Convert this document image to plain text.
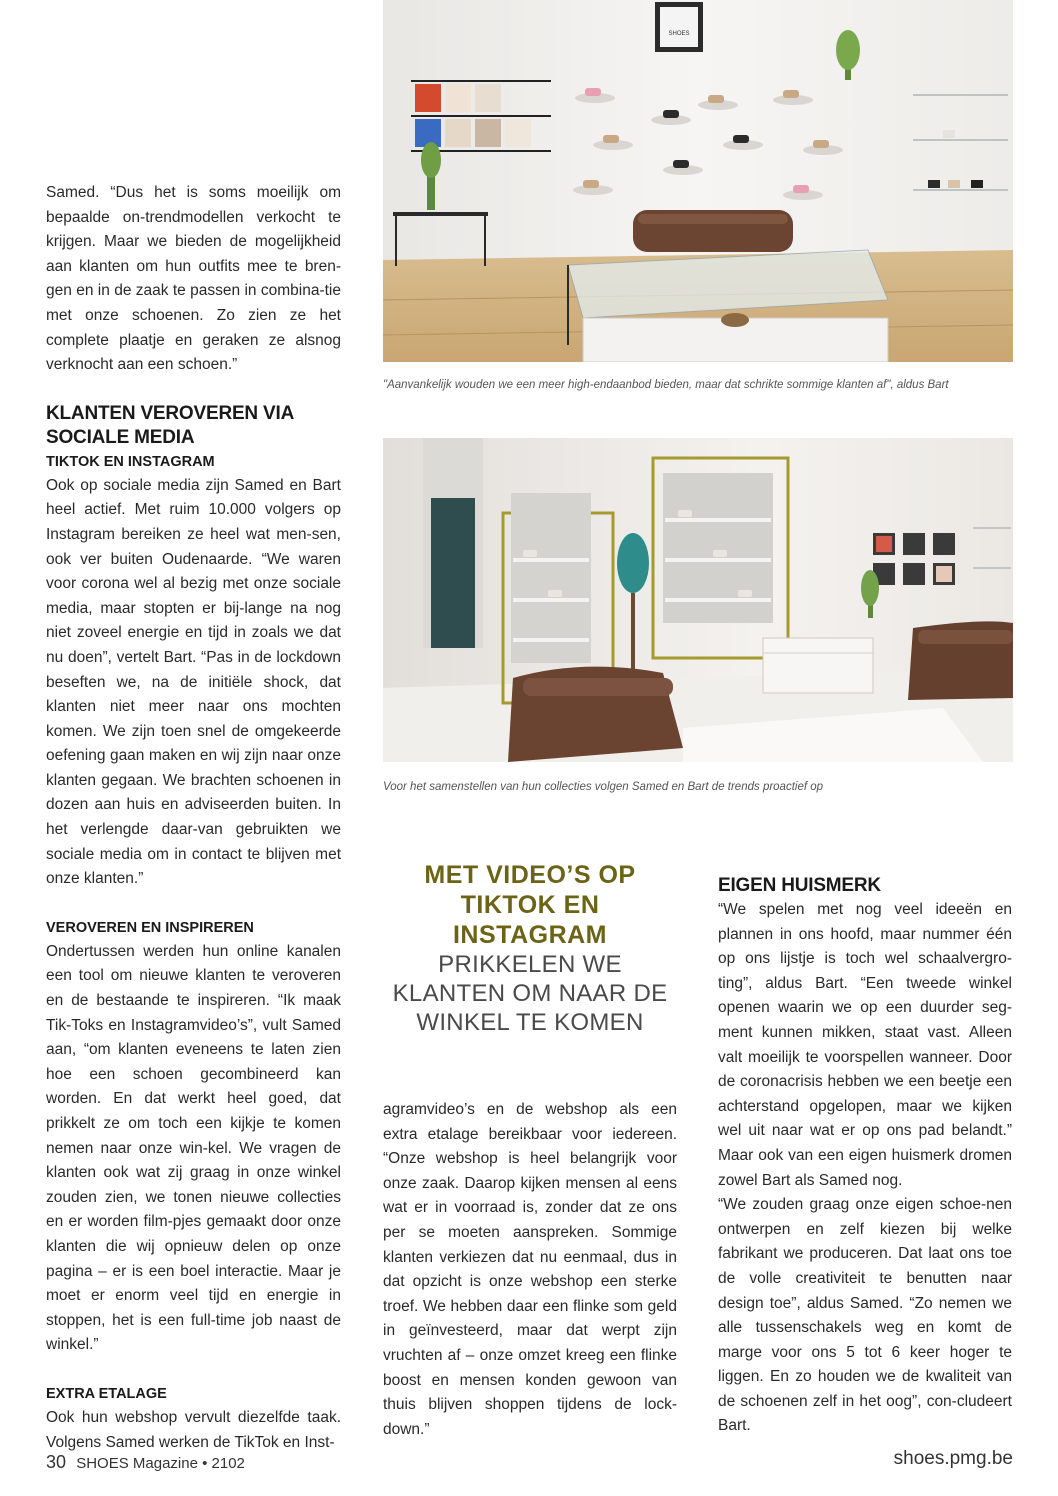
Samed. “Dus het is soms moeilijk om bepaalde on-trendmodellen verkocht te krijgen. Maar we bieden de mogelijkheid aan klanten om hun outfits mee te bren-gen en in de zaak te passen in combina-tie met onze schoenen. Zo zien ze het complete plaatje en geraken ze alsnog verknocht aan een schoen.”

KLANTEN VEROVEREN VIA SOCIALE MEDIA
TIKTOK EN INSTAGRAM

Ook op sociale media zijn Samed en Bart heel actief. Met ruim 10.000 volgers op Instagram bereiken ze heel wat men-sen, ook ver buiten Oudenaarde. “We waren voor corona wel al bezig met onze sociale media, maar stopten er bij-lange na nog niet zoveel energie en tijd in zoals we dat nu doen”, vertelt Bart. “Pas in de lockdown beseften we, na de initiële shock, dat klanten niet meer naar ons mochten komen. We zijn toen snel de omgekeerde oefening gaan maken en wij zijn naar onze klanten gegaan. We brachten schoenen in dozen aan huis en adviseerden buiten. In het verlengde daar-van gebruikten we sociale media om in contact te blijven met onze klanten.”

VEROVEREN EN INSPIREREN

Ondertussen werden hun online kanalen een tool om nieuwe klanten te veroveren en de bestaande te inspireren. “Ik maak Tik-Toks en Instagramvideo’s”, vult Samed aan, “om klanten eveneens te laten zien hoe een schoen gecombineerd kan worden. En dat werkt heel goed, dat prikkelt ze om toch een kijkje te komen nemen naar onze win-kel. We vragen de klanten ook wat zij graag in onze winkel zouden zien, we tonen nieuwe collecties en er worden film-pjes gemaakt door onze klanten die wij opnieuw delen op onze pagina – er is een boel interactie. Maar je moet er enorm veel tijd en energie in stoppen, het is een full-time job naast de winkel.”

EXTRA ETALAGE

Ook hun webshop vervult diezelfde taak. Volgens Samed werken de TikTok en Inst-

SHOES
"Aanvankelijk wouden we een meer high-endaanbod bieden, maar dat schrikte sommige klanten af", aldus Bart
Voor het samenstellen van hun collecties volgen Samed en Bart de trends proactief op
MET VIDEO’S OP TIKTOK EN INSTAGRAM
PRIKKELEN WE KLANTEN OM NAAR DE WINKEL TE KOMEN

agramvideo’s en de webshop als een extra etalage bereikbaar voor iedereen. “Onze webshop is heel belangrijk voor onze zaak. Daarop kijken mensen al eens wat er in voorraad is, zonder dat ze ons per se moeten aanspreken. Sommige klanten verkiezen dat nu eenmaal, dus in dat opzicht is onze webshop een sterke troef. We hebben daar een flinke som geld in geïnvesteerd, maar dat werpt zijn vruchten af – onze omzet kreeg een flinke boost en mensen konden gewoon van thuis blijven shoppen tijdens de lock-down.”

EIGEN HUISMERK

“We spelen met nog veel ideeën en plannen in ons hoofd, maar nummer één op ons lijstje is toch wel schaalvergro-ting”, aldus Bart. “Een tweede winkel openen waarin we op een duurder seg-ment kunnen mikken, staat vast. Alleen valt moeilijk te voorspellen wanneer. Door de coronacrisis hebben we een beetje een achterstand opgelopen, maar we kijken wel uit naar wat er op ons pad belandt.” Maar ook van een eigen huismerk dromen zowel Bart als Samed nog.

“We zouden graag onze eigen schoe-nen ontwerpen en zelf kiezen bij welke fabrikant we produceren. Dat laat ons toe de volle creativiteit te benutten naar design toe”, aldus Samed. “Zo nemen we alle tussenschakels weg en komt de marge voor ons 5 tot 6 keer hoger te liggen. En zo houden we de kwaliteit van de schoenen zelf in het oog”, con-cludeert Bart.

30 SHOES Magazine • 2102	shoes.pmg.be
